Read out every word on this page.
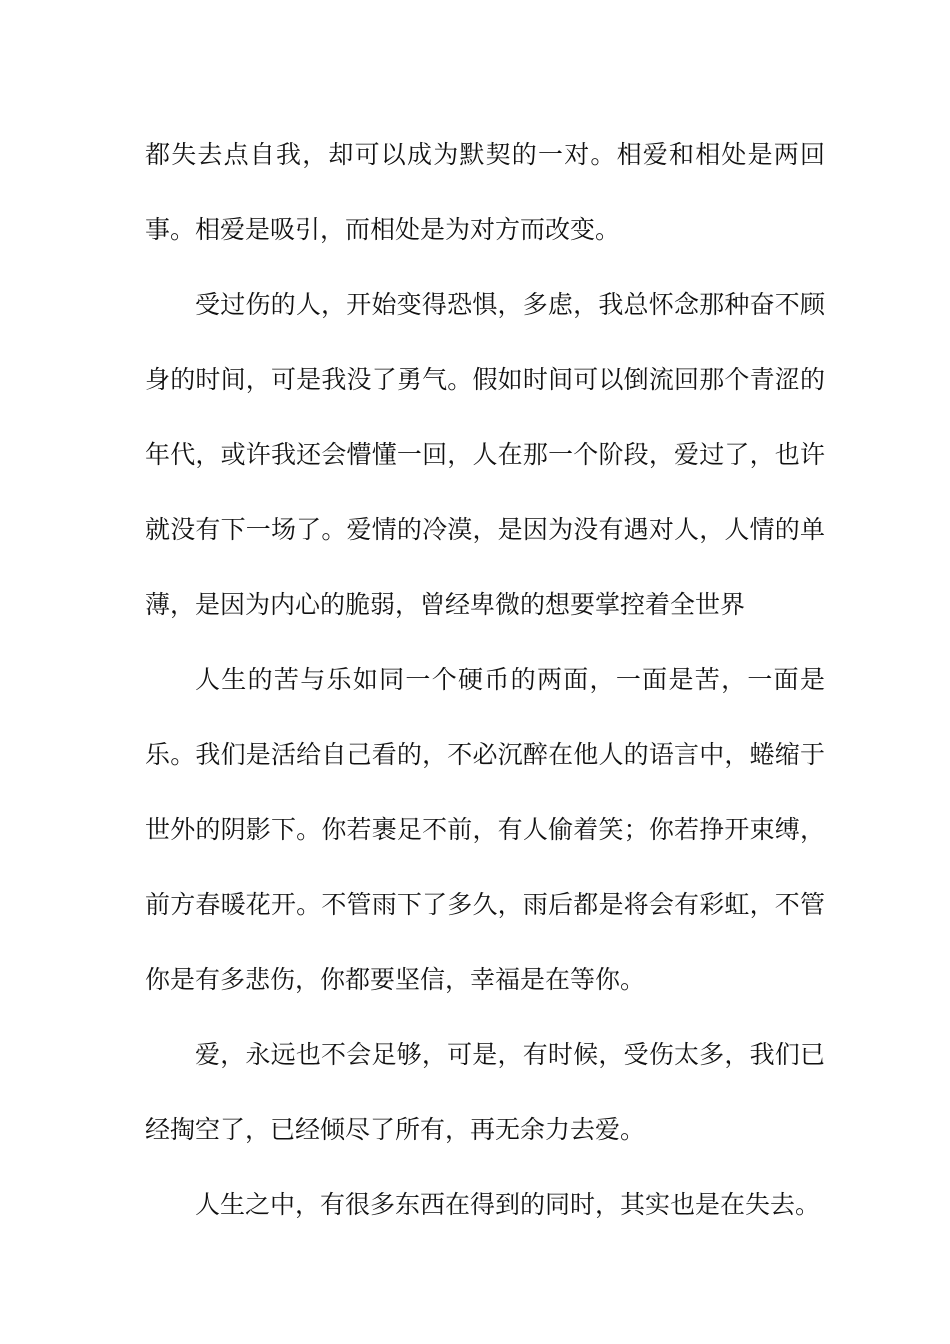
都失去点自我，却可以成为默契的一对。相爱和相处是两回事。相爱是吸引，而相处是为对方而改变。

受过伤的人，开始变得恐惧，多虑，我总怀念那种奋不顾身的时间，可是我没了勇气。假如时间可以倒流回那个青涩的年代，或许我还会懵懂一回，人在那一个阶段，爱过了，也许就没有下一场了。爱情的冷漠，是因为没有遇对人，人情的单薄，是因为内心的脆弱，曾经卑微的想要掌控着全世界

人生的苦与乐如同一个硬币的两面，一面是苦，一面是乐。我们是活给自己看的，不必沉醉在他人的语言中，蜷缩于世外的阴影下。你若裹足不前，有人偷着笑；你若挣开束缚，前方春暖花开。不管雨下了多久，雨后都是将会有彩虹，不管你是有多悲伤，你都要坚信，幸福是在等你。

爱，永远也不会足够，可是，有时候，受伤太多，我们已经掏空了，已经倾尽了所有，再无余力去爱。

人生之中，有很多东西在得到的同时，其实也是在失去。
